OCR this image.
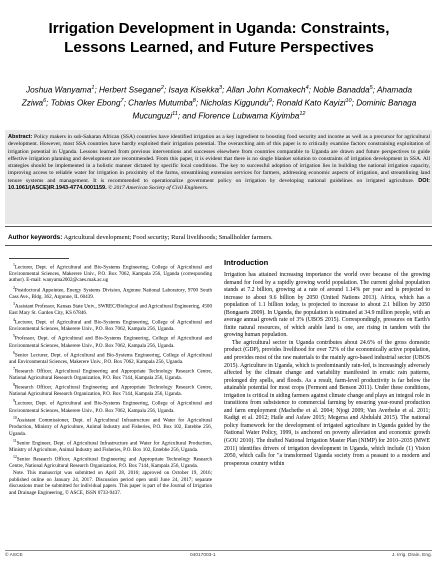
Irrigation Development in Uganda: Constraints, Lessons Learned, and Future Perspectives
Joshua Wanyama$^1$; Herbert Ssegane$^2$; Isaya Kisekka$^3$; Allan John Komakech$^4$; Noble Banadda$^5$; Ahamada Zziwa$^6$; Tobias Oker Ebong$^7$; Charles Mutumba$^8$; Nicholas Kiggundu$^9$; Ronald Kato Kayizi$^{10}$; Dominic Banaga Mucunguzi$^{11}$; and Florence Lubwama Kiyimba$^{12}$
Abstract: Policy makers in sub-Saharan African (SSA) countries have identified irrigation as a key ingredient to boosting food security and income as well as a precursor for agricultural development. However, most SSA countries have hardly exploited their irrigation potential. The overarching aim of this paper is to critically examine factors constraining exploitation of irrigation potential in Uganda. Lessons learned from previous interventions and successes elsewhere from countries comparable to Uganda are drawn and future perspectives to guide effective irrigation planning and development are recommended. From this paper, it is evident that there is no single blanket solution to constraints of irrigation development in SSA. All strategies should be implemented in a holistic manner dictated by specific local conditions. The key to successful adoption of irrigation lies in building the national irrigation capacity, improving access to reliable water for irrigation in proximity of the farms, streamlining extension services for farmers, addressing economic aspects of irrigation, and streamlining land tenure systems and management. It is recommended to operationalize government policy on irrigation by developing national guidelines on irrigated agriculture. DOI: 10.1061/(ASCE)IR.1943-4774.0001159. © 2017 American Society of Civil Engineers.
Author keywords: Agricultural development; Food security; Rural livelihoods; Smallholder farmers.

$^1$Lecturer, Dept. of Agricultural and Bio-Systems Engineering, College of Agricultural and Environmental Sciences, Makerere Univ., P.O. Box 7062, Kampala 256, Uganda (corresponding author). E-mail: wanyama2002@caes.mak.ac.ug

$^2$Postdoctoral Appointee, Energy Systems Division, Argonne National Laboratory, 9700 South Cass Ave., Bldg. 362, Argonne, IL 60439.

$^3$Assistant Professor, Kansas State Univ., SWREC/Biological and Agricultural Engineering, 4500 East Mary St. Garden City, KS 67846.

$^4$Lecturer, Dept. of Agricultural and Bio-Systems Engineering, College of Agricultural and Environmental Sciences, Makerere Univ., P.O. Box 7062, Kampala 256, Uganda.

$^5$Professor, Dept. of Agricultural and Bio-Systems Engineering, College of Agricultural and Environmental Sciences, Makerere Univ., P.O. Box 7062, Kampala 256, Uganda.

$^6$Senior Lecturer, Dept. of Agricultural and Bio-Systems Engineering, College of Agricultural and Environmental Sciences, Makerere Univ., P.O. Box 7062, Kampala 256, Uganda.

$^7$Research Officer, Agricultural Engineering and Appropriate Technology Research Centre, National Agricultural Research Organization, P.O. Box 7144, Kampala 256, Uganda.

$^8$Research Officer, Agricultural Engineering and Appropriate Technology Research Centre, National Agricultural Research Organization, P.O. Box 7144, Kampala 256, Uganda.

$^9$Lecturer, Dept. of Agricultural and Bio-Systems Engineering, College of Agricultural and Environmental Sciences, Makerere Univ., P.O. Box 7062, Kampala 256, Uganda.

$^{10}$Assistant Commissioner, Dept. of Agricultural Infrastructure and Water for Agricultural Production, Ministry of Agriculture, Animal Industry and Fisheries, P.O. Box 102, Entebbe 256, Uganda.

$^{11}$Senior Engineer, Dept. of Agricultural Infrastructure and Water for Agricultural Production, Ministry of Agriculture, Animal Industry and Fisheries, P.O. Box 102, Entebbe 256, Uganda.

$^{12}$Senior Research Officer, Agricultural Engineering and Appropriate Technology Research Centre, National Agricultural Research Organization, P.O. Box 7144, Kampala 256, Uganda.

Note. This manuscript was submitted on April 28, 2016; approved on October 19, 2016; published online on January 24, 2017. Discussion period open until June 24, 2017; separate discussions must be submitted for individual papers. This paper is part of the Journal of Irrigation and Drainage Engineering, © ASCE, ISSN 0733-9437.

Introduction

Irrigation has attained increasing importance the world over because of the growing demand for food by a rapidly growing world population. The current global population stands at 7.2 billion, growing at a rate of around 1.14% per year and is projected to increase to about 9.6 billion by 2050 (United Nations 2013). Africa, which has a population of 1.1 billion today, is projected to increase to about 2.1 billion by 2050 (Bongaarts 2009). In Uganda, the population is estimated at 34.9 million people, with an average annual growth rate of 3% (UBOS 2015). Correspondingly, pressures on Earth's finite natural resources, of which arable land is one, are rising in tandem with the growing human population.

The agricultural sector in Uganda contributes about 24.6% of the gross domestic product (GDP), provides livelihood for over 72% of the economically active population, and provides most of the raw materials to the mainly agro-based industrial sector (UBOS 2015). Agriculture in Uganda, which is predominantly rain-fed, is increasingly adversely affected by the climate change and variability manifested in erratic rain patterns, prolonged dry spells, and floods. As a result, farm-level productivity is far below the attainable potential for most crops (Fermont and Benson 2011). Under these conditions, irrigation is critical in aiding farmers against climate change and plays an integral role in transitions from subsistence to commercial farming by ensuring year-round production and farm employment (Machethe et al. 2004; Njogi 2009; Van Averbeke et al. 2011; Kadigi et al. 2012; Haile and Asfaw 2015; Megersa and Abdulahi 2015). The national policy framework for the development of irrigated agriculture in Uganda guided by the National Water Policy, 1999, is anchored on poverty alleviation and economic growth (GOU 2010). The drafted National Irrigation Master Plan (NIMP) for 2010–2035 (MWE 2011) identifies drivers of irrigation development in Uganda, which include (1) Vision 2050, which calls for "a transformed Uganda society from a peasant to a modern and prosperous country within

© ASCE	04017003-1	J. Irrig. Drain. Eng.
